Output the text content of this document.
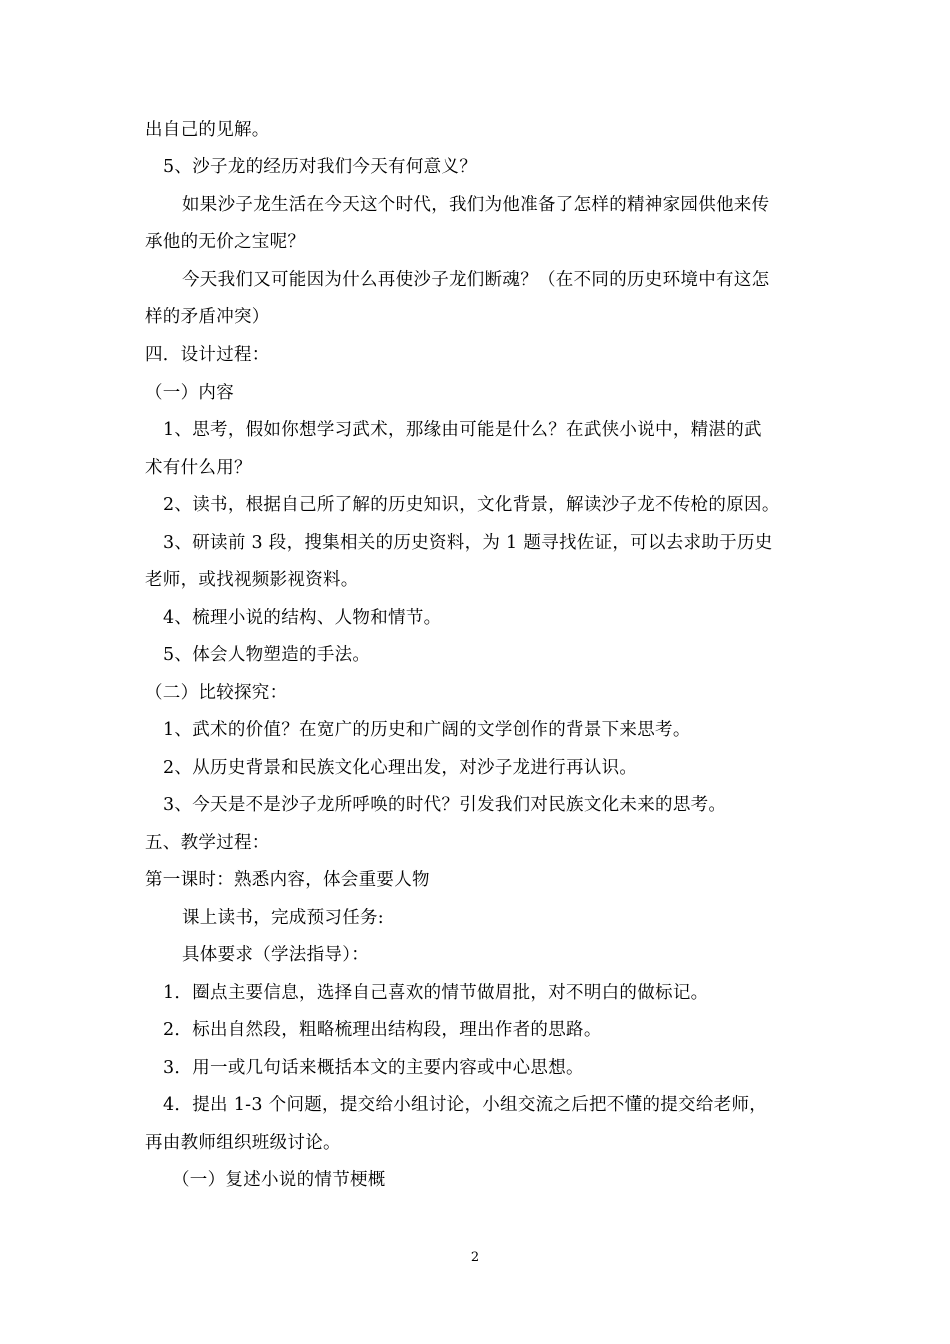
出自己的见解。
5、沙子龙的经历对我们今天有何意义？
如果沙子龙生活在今天这个时代，我们为他准备了怎样的精神家园供他来传
承他的无价之宝呢？
今天我们又可能因为什么再使沙子龙们断魂？（在不同的历史环境中有这怎
样的矛盾冲突）
四．设计过程：
（一）内容
1、思考，假如你想学习武术，那缘由可能是什么？在武侠小说中，精湛的武
术有什么用？
2、读书，根据自己所了解的历史知识，文化背景，解读沙子龙不传枪的原因。
3、研读前 3 段，搜集相关的历史资料，为 1 题寻找佐证，可以去求助于历史
老师，或找视频影视资料。
4、梳理小说的结构、人物和情节。
5、体会人物塑造的手法。
（二）比较探究：
1、武术的价值？在宽广的历史和广阔的文学创作的背景下来思考。
2、从历史背景和民族文化心理出发，对沙子龙进行再认识。
3、今天是不是沙子龙所呼唤的时代？引发我们对民族文化未来的思考。
五、教学过程：
第一课时：熟悉内容，体会重要人物
课上读书，完成预习任务:
具体要求（学法指导）：
1．圈点主要信息，选择自己喜欢的情节做眉批，对不明白的做标记。
2．标出自然段，粗略梳理出结构段，理出作者的思路。
3．用一或几句话来概括本文的主要内容或中心思想。
4．提出 1-3 个问题，提交给小组讨论，小组交流之后把不懂的提交给老师，
再由教师组织班级讨论。
（一）复述小说的情节梗概
2
